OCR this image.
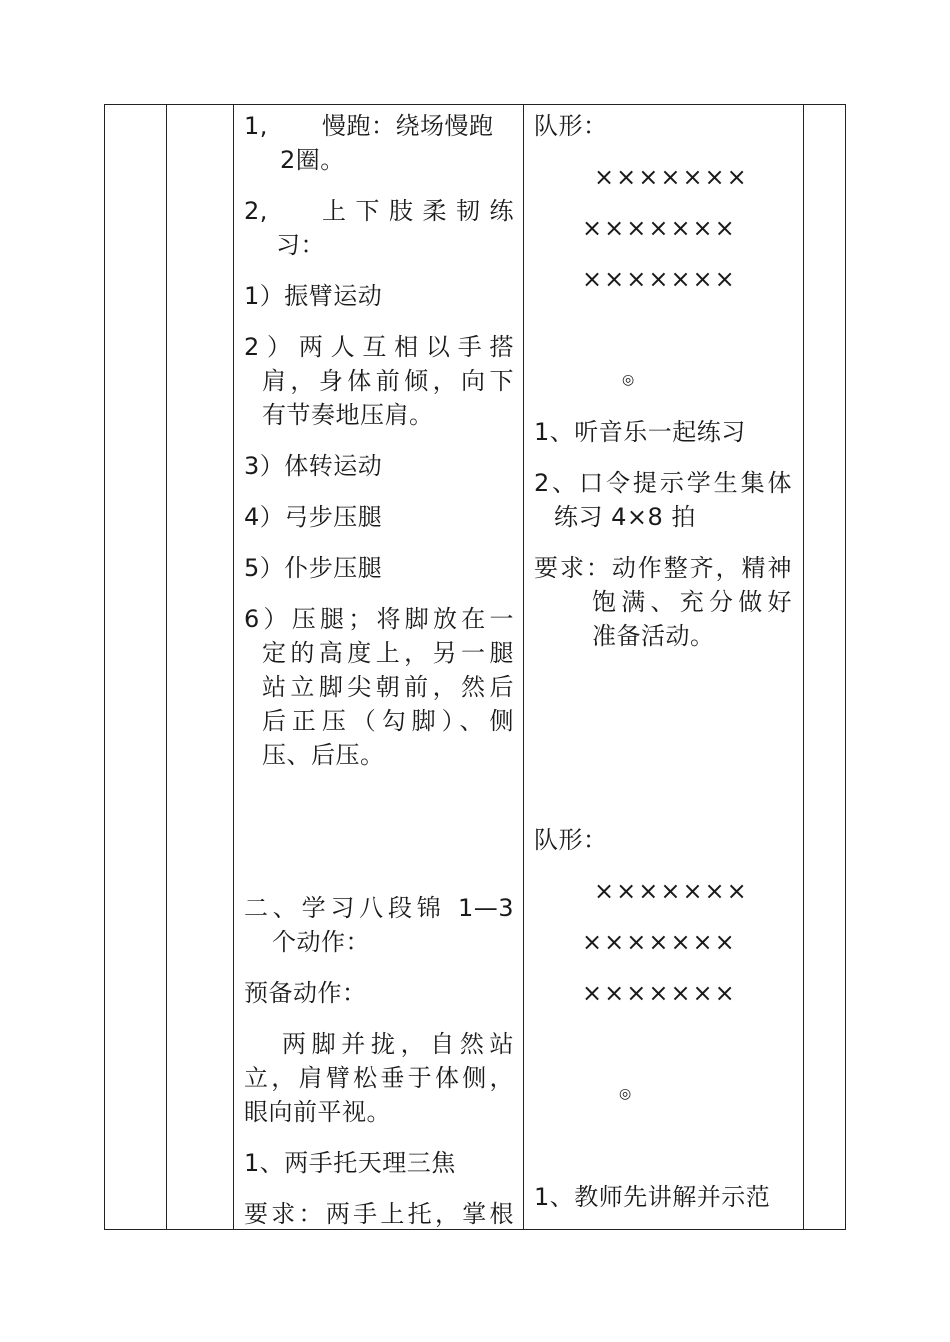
1, 慢跑：绕场慢跑
2圈。
2, 上下肢柔韧练
习：
1）振臂运动
2）两人互相以手搭
肩，身体前倾，向下
有节奏地压肩。
3）体转运动
4）弓步压腿
5）仆步压腿
6）压腿；将脚放在一
定的高度上，另一腿
站立脚尖朝前，然后
后正压（勾脚）、侧
压、后压。
二、学习八段锦 1—3
个动作：
预备动作：
两脚并拢，自然站
立，肩臂松垂于体侧，
眼向前平视。
1、两手托天理三焦
要求：两手上托，掌根
队形：
×××××××
×××××××
×××××××
◎
1、听音乐一起练习
2、口令提示学生集体
练习 4×8 拍
要求：动作整齐，精神
饱满、充分做好
准备活动。
队形：
×××××××
×××××××
×××××××
◎
1、教师先讲解并示范
